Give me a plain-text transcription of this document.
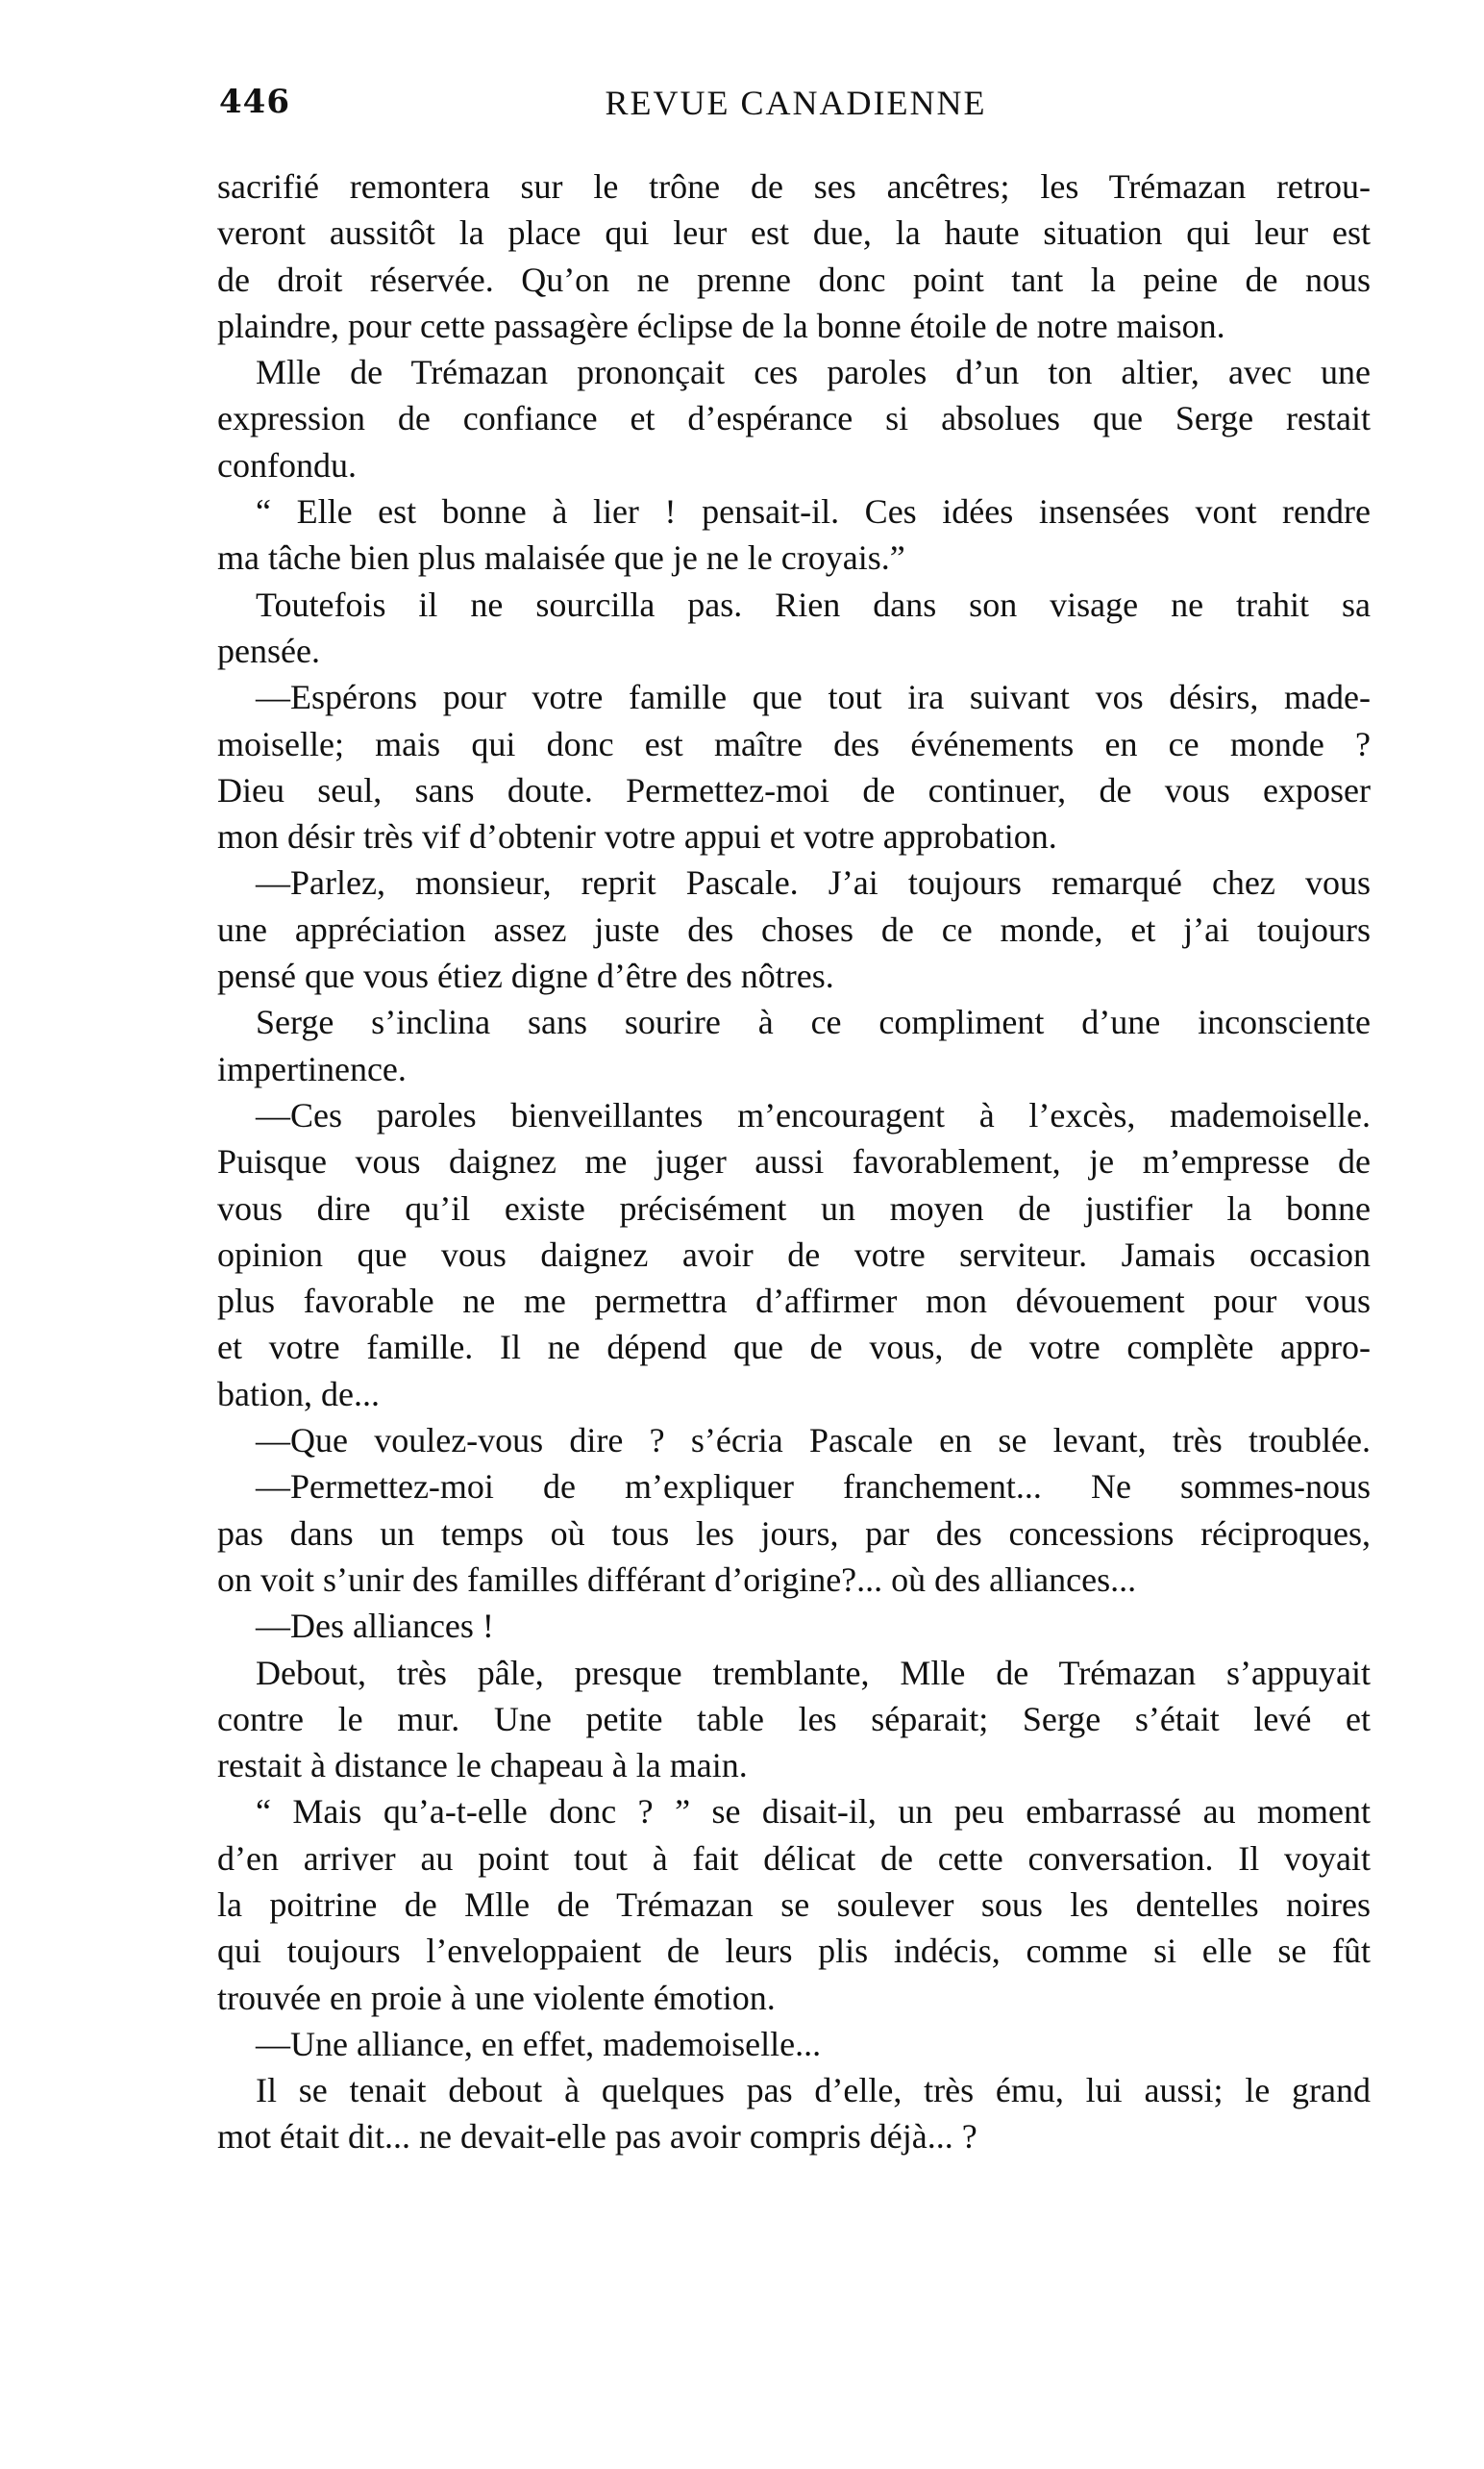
446	REVUE CANADIENNE
sacrifié remontera sur le trône de ses ancêtres; les Trémazan retrou-
veront aussitôt la place qui leur est due, la haute situation qui leur est
de droit réservée. Qu’on ne prenne donc point tant la peine de nous
plaindre, pour cette passagère éclipse de la bonne étoile de notre maison.
Mlle de Trémazan prononçait ces paroles d’un ton altier, avec une
expression de confiance et d’espérance si absolues que Serge restait
confondu.
“ Elle est bonne à lier ! pensait-il. Ces idées insensées vont rendre
ma tâche bien plus malaisée que je ne le croyais.”
Toutefois il ne sourcilla pas. Rien dans son visage ne trahit sa
pensée.
—Espérons pour votre famille que tout ira suivant vos désirs, made-
moiselle; mais qui donc est maître des événements en ce monde ?
Dieu seul, sans doute. Permettez-moi de continuer, de vous exposer
mon désir très vif d’obtenir votre appui et votre approbation.
—Parlez, monsieur, reprit Pascale. J’ai toujours remarqué chez vous
une appréciation assez juste des choses de ce monde, et j’ai toujours
pensé que vous étiez digne d’être des nôtres.
Serge s’inclina sans sourire à ce compliment d’une inconsciente
impertinence.
—Ces paroles bienveillantes m’encouragent à l’excès, mademoiselle.
Puisque vous daignez me juger aussi favorablement, je m’empresse de
vous dire qu’il existe précisément un moyen de justifier la bonne
opinion que vous daignez avoir de votre serviteur. Jamais occasion
plus favorable ne me permettra d’affirmer mon dévouement pour vous
et votre famille. Il ne dépend que de vous, de votre complète appro-
bation, de...
—Que voulez-vous dire ? s’écria Pascale en se levant, très troublée.
—Permettez-moi de m’expliquer franchement... Ne sommes-nous
pas dans un temps où tous les jours, par des concessions réciproques,
on voit s’unir des familles différant d’origine?... où des alliances...
—Des alliances !
Debout, très pâle, presque tremblante, Mlle de Trémazan s’appuyait
contre le mur. Une petite table les séparait; Serge s’était levé et
restait à distance le chapeau à la main.
“ Mais qu’a-t-elle donc ? ” se disait-il, un peu embarrassé au moment
d’en arriver au point tout à fait délicat de cette conversation. Il voyait
la poitrine de Mlle de Trémazan se soulever sous les dentelles noires
qui toujours l’enveloppaient de leurs plis indécis, comme si elle se fût
trouvée en proie à une violente émotion.
—Une alliance, en effet, mademoiselle...
Il se tenait debout à quelques pas d’elle, très ému, lui aussi; le grand
mot était dit... ne devait-elle pas avoir compris déjà... ?
